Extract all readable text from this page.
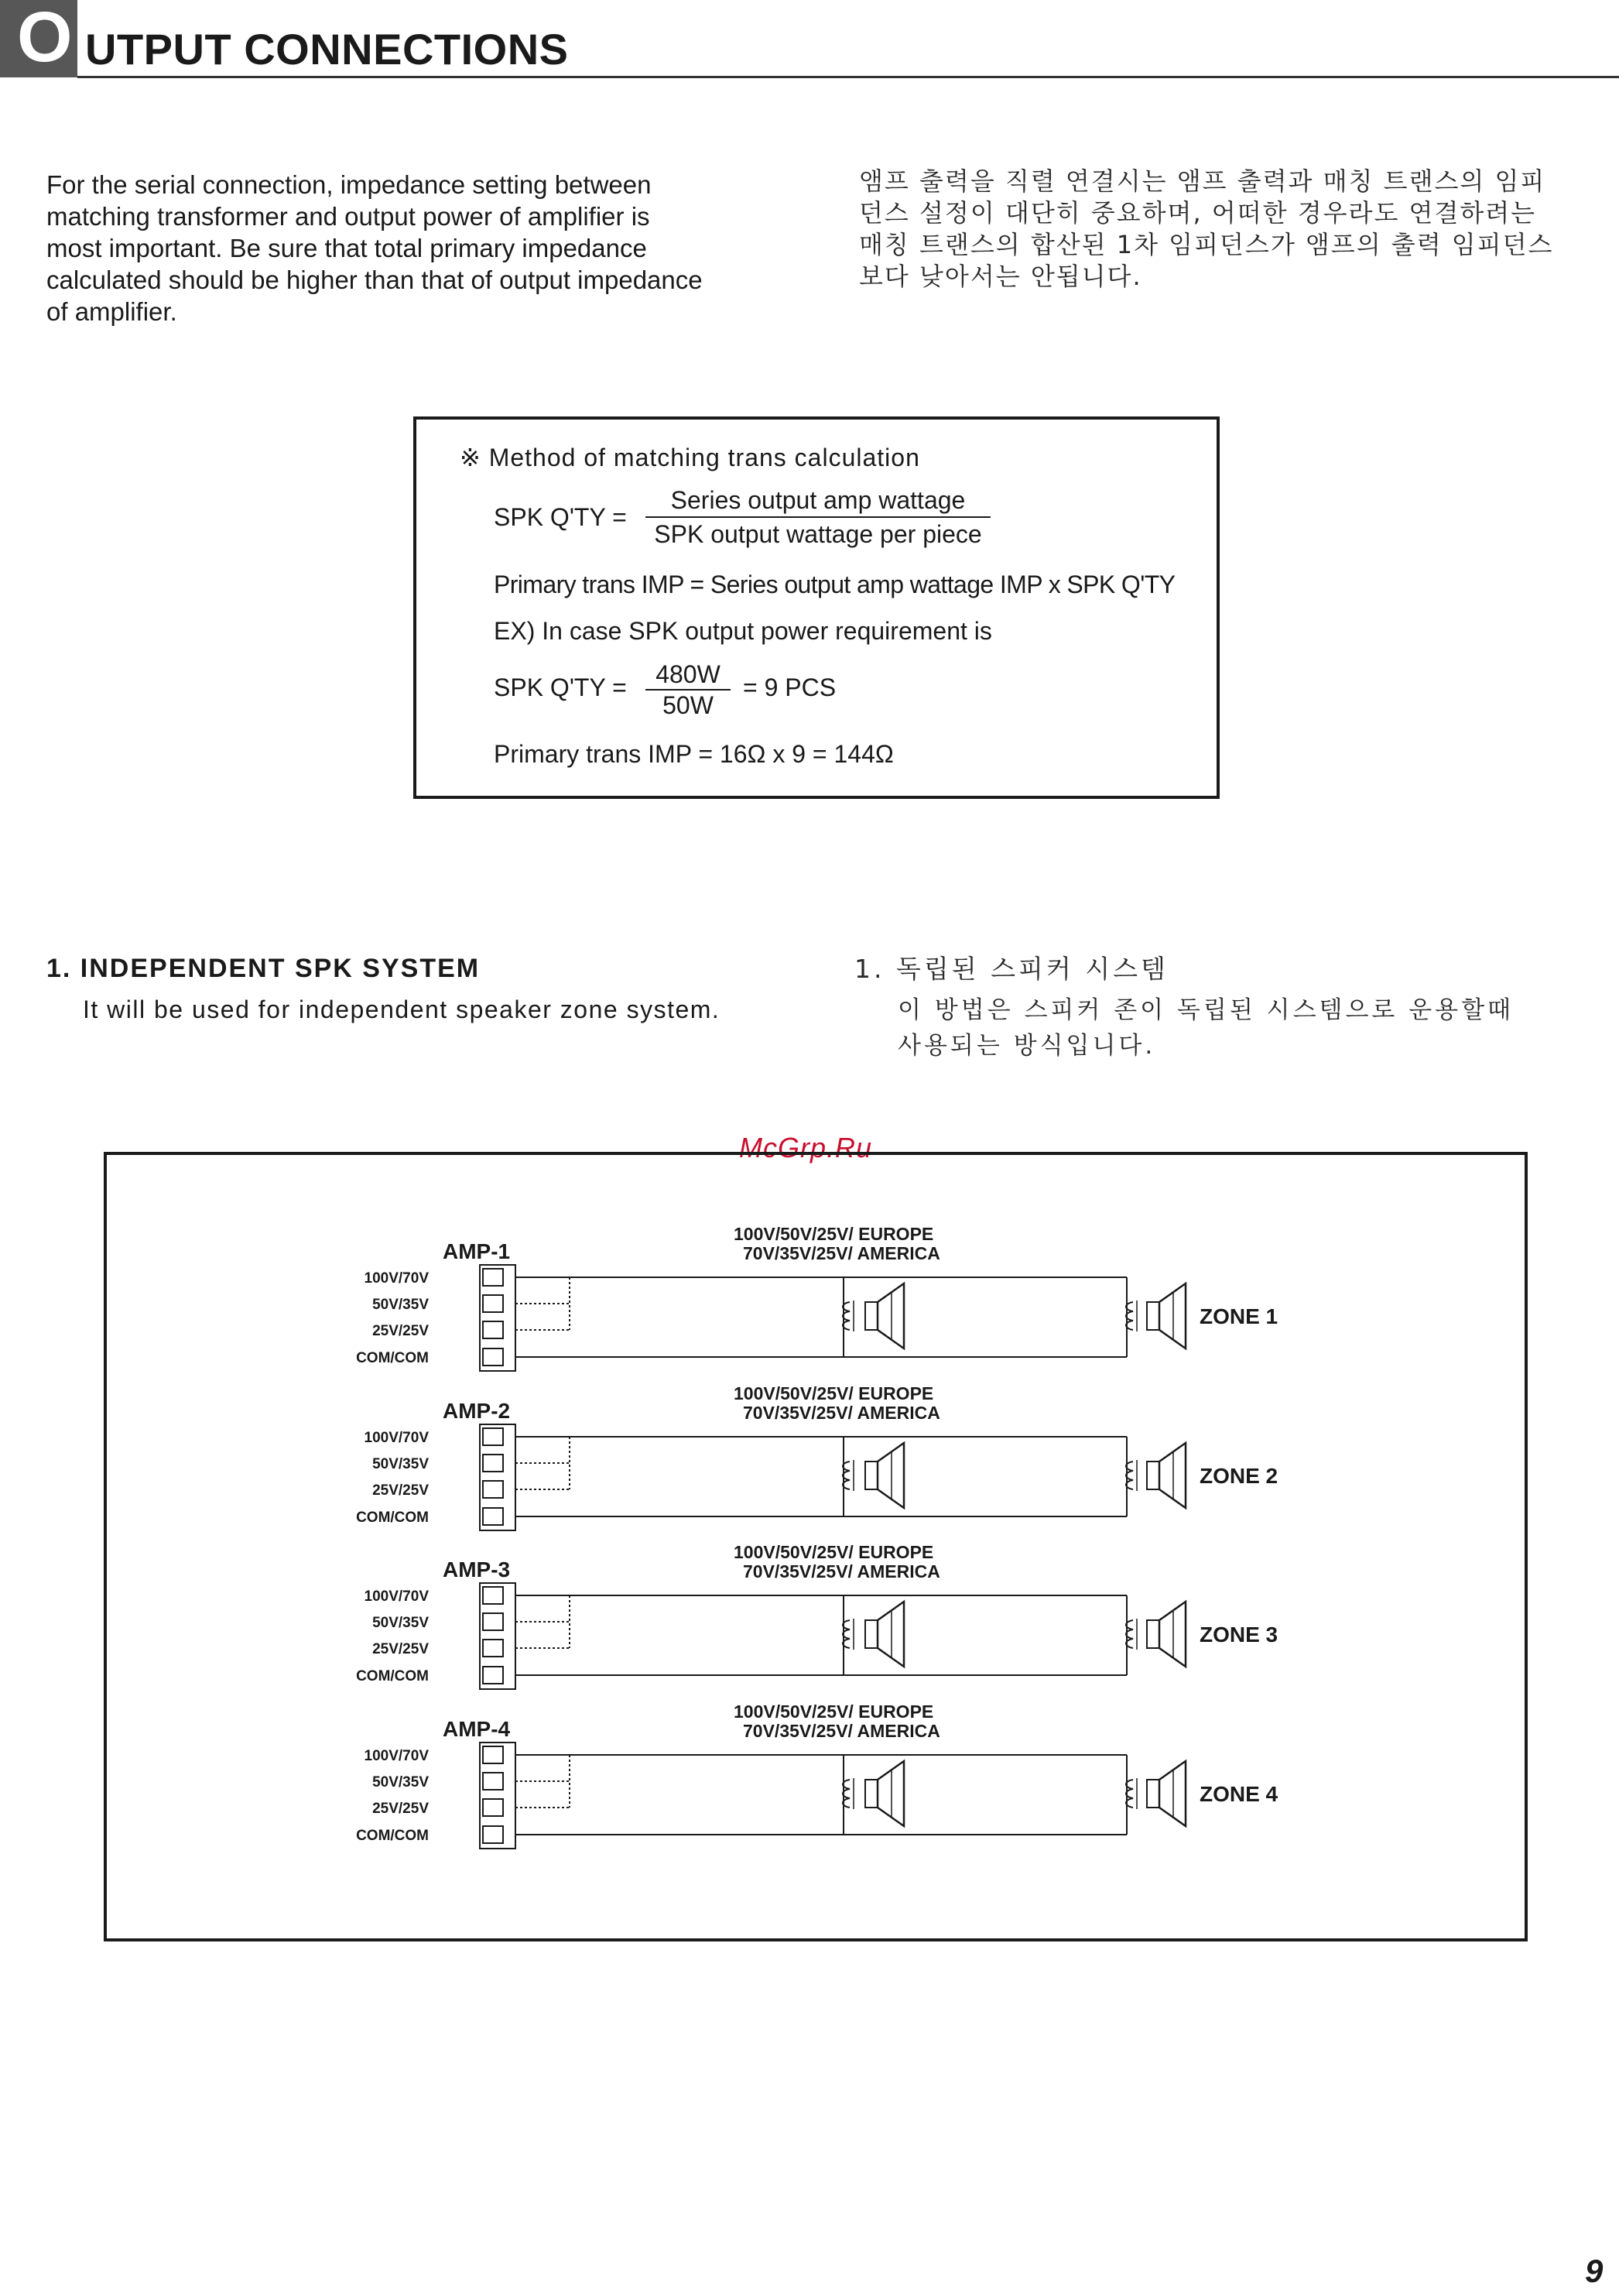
O UTPUT CONNECTIONS
For the serial connection, impedance setting between
matching transformer and output power of amplifier is
most important. Be sure that total primary impedance
calculated should be higher than that of output impedance
of amplifier.
앰프 출력을 직렬 연결시는 앰프 출력과 매칭 트랜스의 임피
던스 설정이 대단히 중요하며, 어떠한 경우라도 연결하려는
매칭 트랜스의 합산된 1차 임피던스가 앰프의 출력 임피던스
보다 낮아서는 안됩니다.
※ Method of matching trans calculation
SPK Q'TY =
Series output amp wattage
SPK output wattage per piece
Primary trans IMP = Series output amp wattage IMP x SPK Q'TY
EX) In case SPK output power requirement is
SPK Q'TY =	480W
50W
= 9 PCS
Primary trans IMP = 16Ω x 9 = 144Ω
1. INDEPENDENT SPK SYSTEM
It will be used for independent speaker zone system.
1. 독립된 스피커 시스템
이 방법은 스피커 존이 독립된 시스템으로 운용할때
사용되는 방식입니다.
McGrp.Ru
AMP-1
100V/70V
50V/35V
25V/25V
COM/COM
100V/50V/25V/ EUROPE
70V/35V/25V/ AMERICA
ZONE 1
AMP-2
100V/70V
50V/35V
25V/25V
COM/COM
100V/50V/25V/ EUROPE
70V/35V/25V/ AMERICA
ZONE 2
AMP-3
100V/70V
50V/35V
25V/25V
COM/COM
100V/50V/25V/ EUROPE
70V/35V/25V/ AMERICA
ZONE 3
AMP-4
100V/70V
50V/35V
25V/25V
COM/COM
100V/50V/25V/ EUROPE
70V/35V/25V/ AMERICA
ZONE 4
9
